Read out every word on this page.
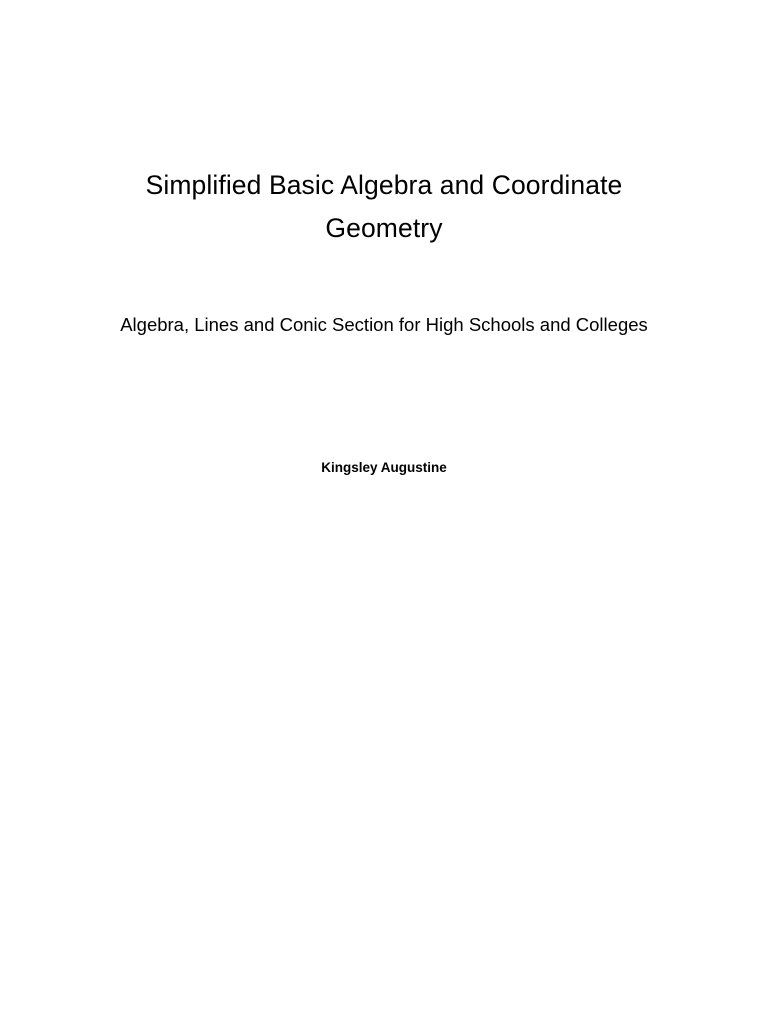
Simplified Basic Algebra and Coordinate
Geometry

Algebra, Lines and Conic Section for High Schools and Colleges

Kingsley Augustine
